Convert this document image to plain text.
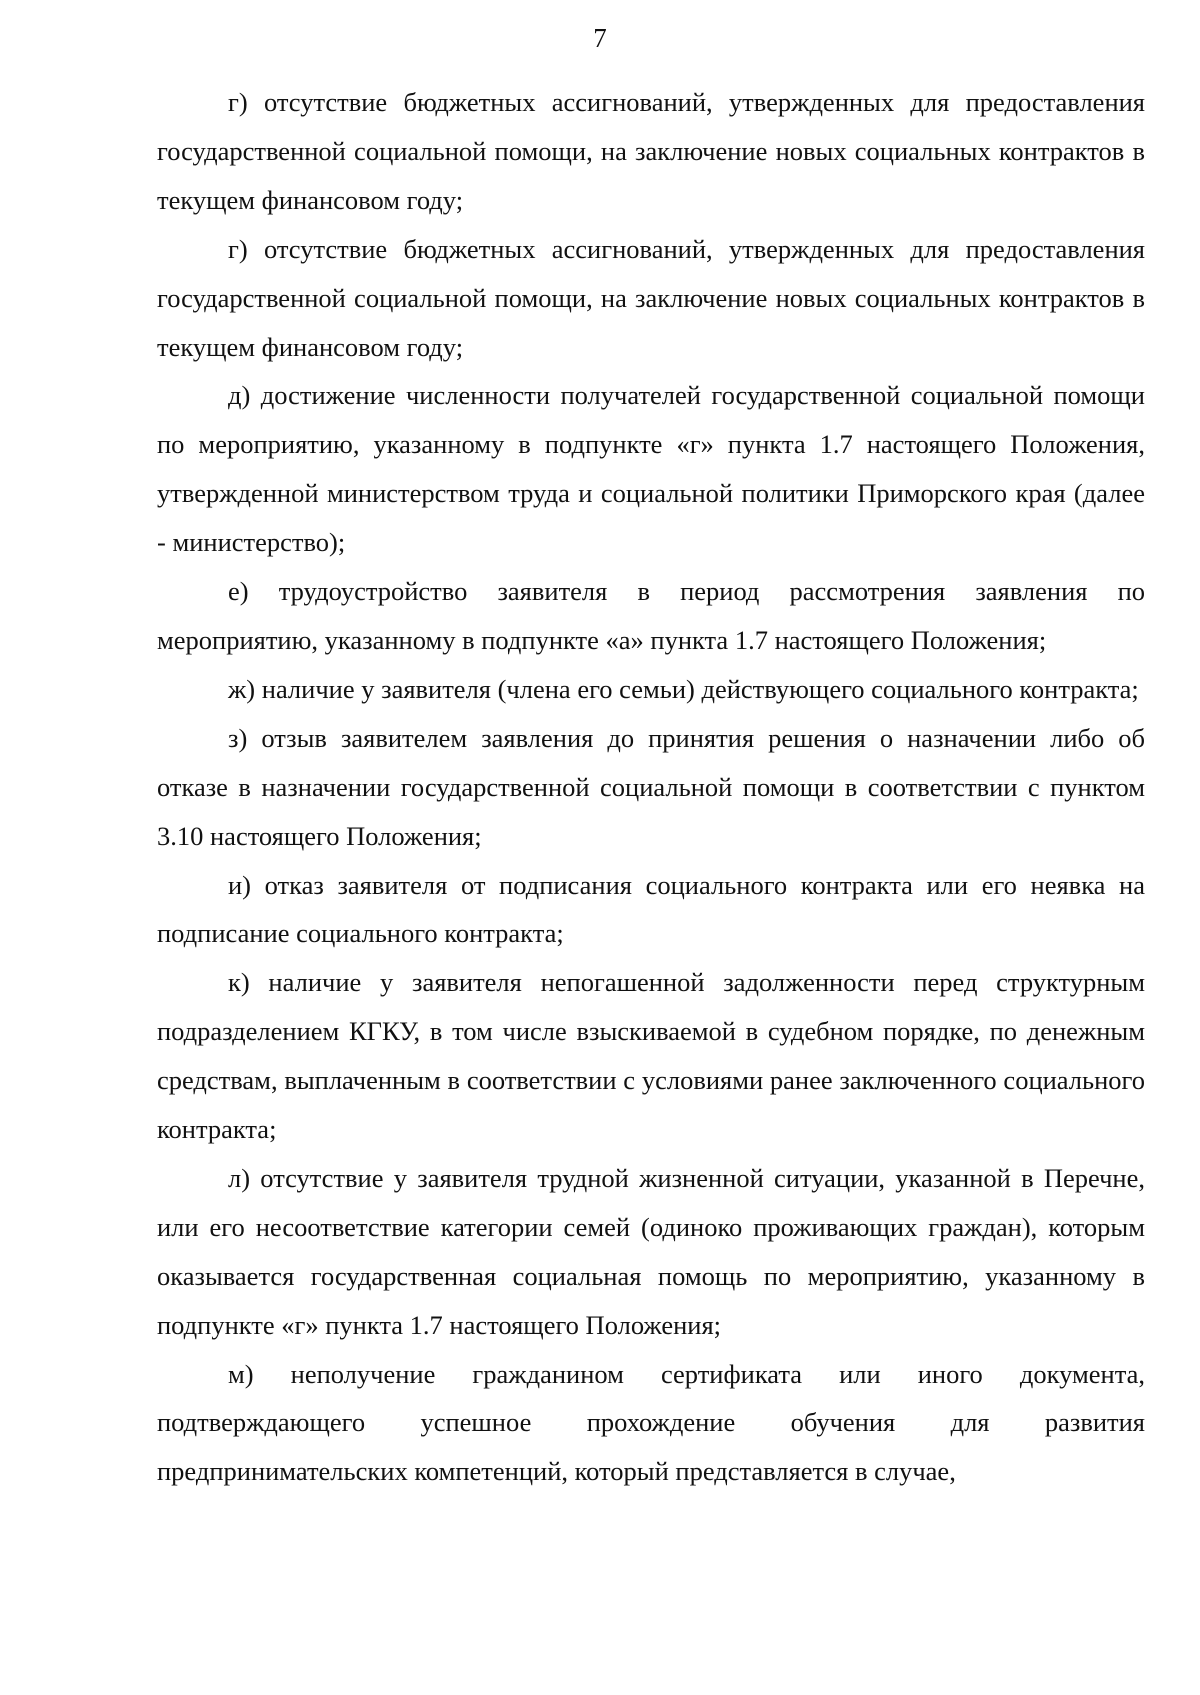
7

г) отсутствие бюджетных ассигнований, утвержденных для предоставления государственной социальной помощи, на заключение новых социальных контрактов в текущем финансовом году;

г) отсутствие бюджетных ассигнований, утвержденных для предоставления государственной социальной помощи, на заключение новых социальных контрактов в текущем финансовом году;

д) достижение численности получателей государственной социальной помощи по мероприятию, указанному в подпункте «г» пункта 1.7 настоящего Положения, утвержденной министерством труда и социальной политики Приморского края (далее - министерство);

е) трудоустройство заявителя в период рассмотрения заявления по мероприятию, указанному в подпункте «а» пункта 1.7 настоящего Положения;

ж) наличие у заявителя (члена его семьи) действующего социального контракта;

з) отзыв заявителем заявления до принятия решения о назначении либо об отказе в назначении государственной социальной помощи в соответствии с пунктом 3.10 настоящего Положения;

и) отказ заявителя от подписания социального контракта или его неявка на подписание социального контракта;

к) наличие у заявителя непогашенной задолженности перед структурным подразделением КГКУ, в том числе взыскиваемой в судебном порядке, по денежным средствам, выплаченным в соответствии с условиями ранее заключенного социального контракта;

л) отсутствие у заявителя трудной жизненной ситуации, указанной в Перечне, или его несоответствие категории семей (одиноко проживающих граждан), которым оказывается государственная социальная помощь по мероприятию, указанному в подпункте «г» пункта 1.7 настоящего Положения;

м) неполучение гражданином сертификата или иного документа, подтверждающего успешное прохождение обучения для развития предпринимательских компетенций, который представляется в случае,
